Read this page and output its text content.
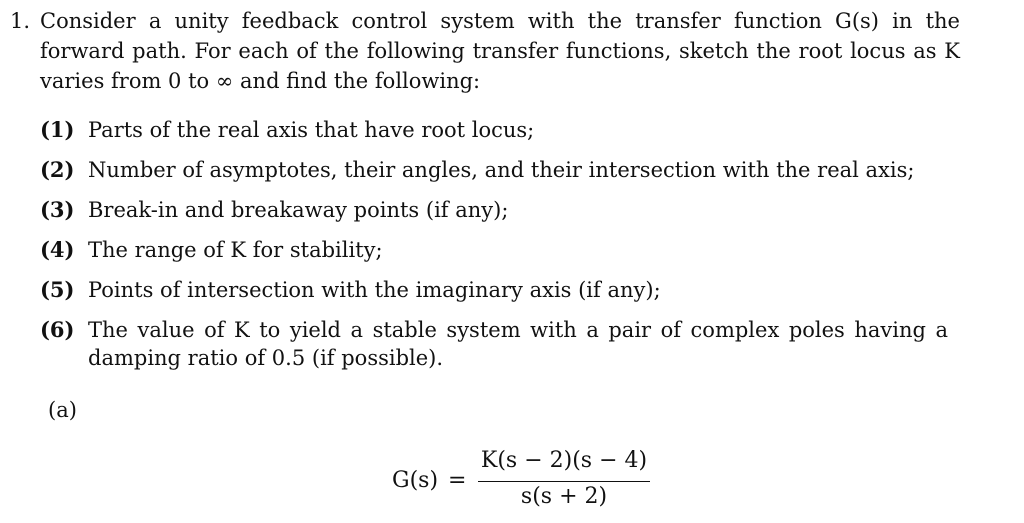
1. Consider a unity feedback control system with the transfer function G(s) in the forward path. For each of the following transfer functions, sketch the root locus as K varies from 0 to ∞ and find the following:
(1) Parts of the real axis that have root locus;
(2) Number of asymptotes, their angles, and their intersection with the real axis;
(3) Break-in and breakaway points (if any);
(4) The range of K for stability;
(5) Points of intersection with the imaginary axis (if any);
(6) The value of K to yield a stable system with a pair of complex poles having a damping ratio of 0.5 (if possible).
(a)
G(s) =
K(s − 2)(s − 4)
s(s + 2)
